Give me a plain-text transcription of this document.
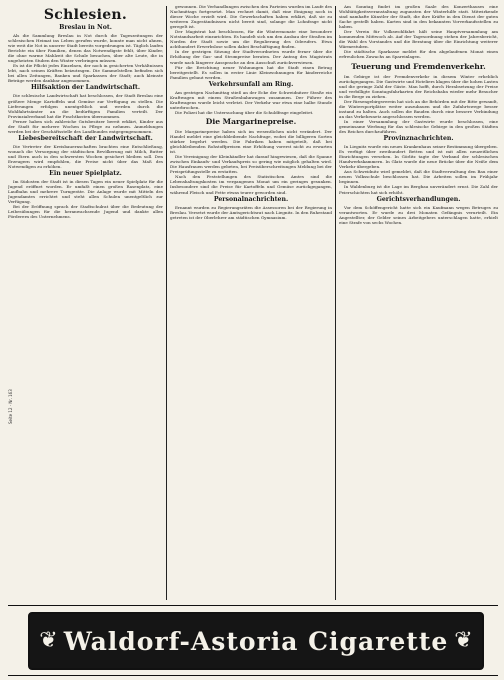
Seite 12 · Nr. 163
Schlesien.
Breslau in Not.

Als die Sammlung Breslau in Not durch die Tageszeitungen der schlesischen Heimat ins Leben gerufen wurde, konnte man nicht ahnen, wie weit die Not in unserer Stadt bereits vorgedrungen ist. Täglich laufen Berichte ein über Familien, denen das Notwendigste fehlt, über Kinder, die ohne warme Mahlzeit die Schule besuchen, über alte Leute, die in ungeheizten Stuben den Winter verbringen müssen.

Es ist die Pflicht jedes Einzelnen, der noch in gesicherten Verhältnissen lebt, nach seinen Kräften beizutragen. Die Sammelstellen befinden sich bei allen Zeitungen, Banken und Sparkassen der Stadt; auch kleinste Beträge werden dankbar angenommen.

Hilfsaktion der Landwirtschaft.

Die schlesische Landwirtschaft hat beschlossen, der Stadt Breslau eine größere Menge Kartoffeln und Gemüse zur Verfügung zu stellen. Die Lieferungen erfolgen unentgeltlich und werden durch die Wohlfahrtsämter an die bedürftigen Familien verteilt. Der Provinzialverband hat die Frachtkosten übernommen.

Ferner haben sich zahlreiche Gutsbesitzer bereit erklärt, Kinder aus der Stadt für mehrere Wochen in Pflege zu nehmen. Anmeldungen werden bei der Geschäftsstelle des Landbundes entgegengenommen.

Liebesbereitschaft der Landwirtschaft.

Die Vertreter der Kreisbauernschaften brachten eine Entschließung, wonach die Versorgung der städtischen Bevölkerung mit Milch, Butter und Eiern auch in den schwersten Wochen gesichert bleiben soll. Den Erzeugern wird empfohlen, die Preise nicht über das Maß des Notwendigen zu erhöhen.

Ein neuer Spielplatz.

Im Südosten der Stadt ist in diesen Tagen ein neuer Spielplatz für die Jugend eröffnet worden. Er umfaßt einen großen Rasenplatz, eine Laufbahn und mehrere Turngeräte. Die Anlage wurde mit Mitteln des Jugendamtes errichtet und steht allen Schulen unentgeltlich zur Verfügung.

Bei der Eröffnung sprach der Stadtschulrat über die Bedeutung der Leibesübungen für die heranwachsende Jugend und dankte allen Förderern des Unternehmens.

gewonnen. Die Verhandlungen zwischen den Parteien wurden im Laufe des Nachmittags fortgesetzt. Man rechnet damit, daß eine Einigung noch in dieser Woche erzielt wird. Die Gewerkschaften haben erklärt, daß sie zu weiteren Zugeständnissen nicht bereit sind, solange die Lohnfrage nicht geregelt ist.

Der Magistrat hat beschlossen, für die Wintermonate eine besondere Notstandsarbeit einzurichten. Es handelt sich um den Ausbau der Straßen im Norden der Stadt sowie um die Regulierung des Oderufers. Etwa achthundert Erwerbslose sollen dabei Beschäftigung finden.

In der gestrigen Sitzung der Stadtverordneten wurde ferner über die Erhöhung der Gas- und Strompreise beraten. Der Antrag des Magistrats wurde nach längerer Aussprache an den Ausschuß zurückverwiesen.

Für die Errichtung neuer Wohnungen hat die Stadt einen Betrag bereitgestellt. Es sollen in erster Linie Kleinwohnungen für kinderreiche Familien gebaut werden.

Verkehrsunfall am Ring.

Am gestrigen Nachmittag stieß an der Ecke der Schweidnitzer Straße ein Kraftwagen mit einem Straßenbahnwagen zusammen. Der Führer des Kraftwagens wurde leicht verletzt. Der Verkehr war etwa eine halbe Stunde unterbrochen.

Die Polizei hat die Untersuchung über die Schuldfrage eingeleitet.

Die Margarinepreise.

Die Margarinepreise haben sich im wesentlichen nicht verändert. Der Handel meldet eine gleichbleibende Nachfrage, wobei die billigeren Sorten stärker begehrt werden. Die Fabriken haben mitgeteilt, daß bei gleichbleibenden Rohstoffpreisen eine Erhöhung vorerst nicht zu erwarten ist.

Die Vereinigung der Kleinhändler hat darauf hingewiesen, daß die Spanne zwischen Einkaufs- und Verkaufspreis so gering wie möglich gehalten wird. Die Hausfrauen werden gebeten, bei Preisüberschreitungen Meldung bei der Preisprüfungsstelle zu erstatten.

Nach den Feststellungen des Statistischen Amtes sind die Lebenshaltungskosten im vergangenen Monat um ein geringes gesunken. Insbesondere sind die Preise für Kartoffeln und Gemüse zurückgegangen, während Fleisch und Fette etwas teurer geworden sind.

Personalnachrichten.

Ernannt wurden zu Regierungsräten die Assessoren bei der Regierung in Breslau. Versetzt wurde der Amtsgerichtsrat nach Liegnitz. In den Ruhestand getreten ist der Oberlehrer am städtischen Gymnasium.

Am Sonntag findet im großen Saale des Konzerthauses eine Wohltätigkeitsveranstaltung zugunsten der Winterhilfe statt. Mitwirkende sind namhafte Künstler der Stadt, die ihre Kräfte in den Dienst der guten Sache gestellt haben. Karten sind in den bekannten Vorverkaufsstellen zu haben.

Der Verein für Volkswohlfahrt hält seine Hauptversammlung am kommenden Mittwoch ab. Auf der Tagesordnung stehen der Jahresbericht, die Wahl des Vorstandes und die Beratung über die Einrichtung weiterer Wärmestuben.

Die städtische Sparkasse meldet für den abgelaufenen Monat einen erfreulichen Zuwachs an Spareinlagen.

Teuerung und Fremdenverkehr.

Im Gebirge ist der Fremdenverkehr in diesem Winter erheblich zurückgegangen. Die Gastwirte und Hoteliers klagen über die hohen Lasten und die geringe Zahl der Gäste. Man hofft, durch Herabsetzung der Preise und verbilligte Sonntagsfahrkarten der Reichsbahn wieder mehr Besucher in die Berge zu ziehen.

Der Riesengebirgsverein hat sich an die Behörden mit der Bitte gewandt, die Wintersportplätze weiter auszubauen und die Zufahrtswege besser instand zu halten. Auch sollen die Bauden durch eine bessere Verbindung an das Verkehrsnetz angeschlossen werden.

In einer Versammlung der Gastwirte wurde beschlossen, eine gemeinsame Werbung für das schlesische Gebirge in den großen Städten des Reiches durchzuführen.

Provinznachrichten.

In Liegnitz wurde ein neues Krankenhaus seiner Bestimmung übergeben. Es verfügt über zweihundert Betten und ist mit allen neuzeitlichen Einrichtungen versehen. In Görlitz tagte der Verband der schlesischen Handwerkskammern. In Glatz wurde die neue Brücke über die Neiße dem Verkehr übergeben.

Aus Schweidnitz wird gemeldet, daß die Stadtverwaltung den Bau einer neuen Volksschule beschlossen hat. Die Arbeiten sollen im Frühjahr beginnen.

In Waldenburg ist die Lage im Bergbau unverändert ernst. Die Zahl der Feierschichten hat sich erhöht.

Gerichtsverhandlungen.

Vor dem Schöffengericht hatte sich ein Kaufmann wegen Betruges zu verantworten. Er wurde zu drei Monaten Gefängnis verurteilt. Ein Angestellter, der Gelder seines Arbeitgebers unterschlagen hatte, erhielt eine Strafe von sechs Wochen.

❦ Waldorf-Astoria Cigarette ❦
